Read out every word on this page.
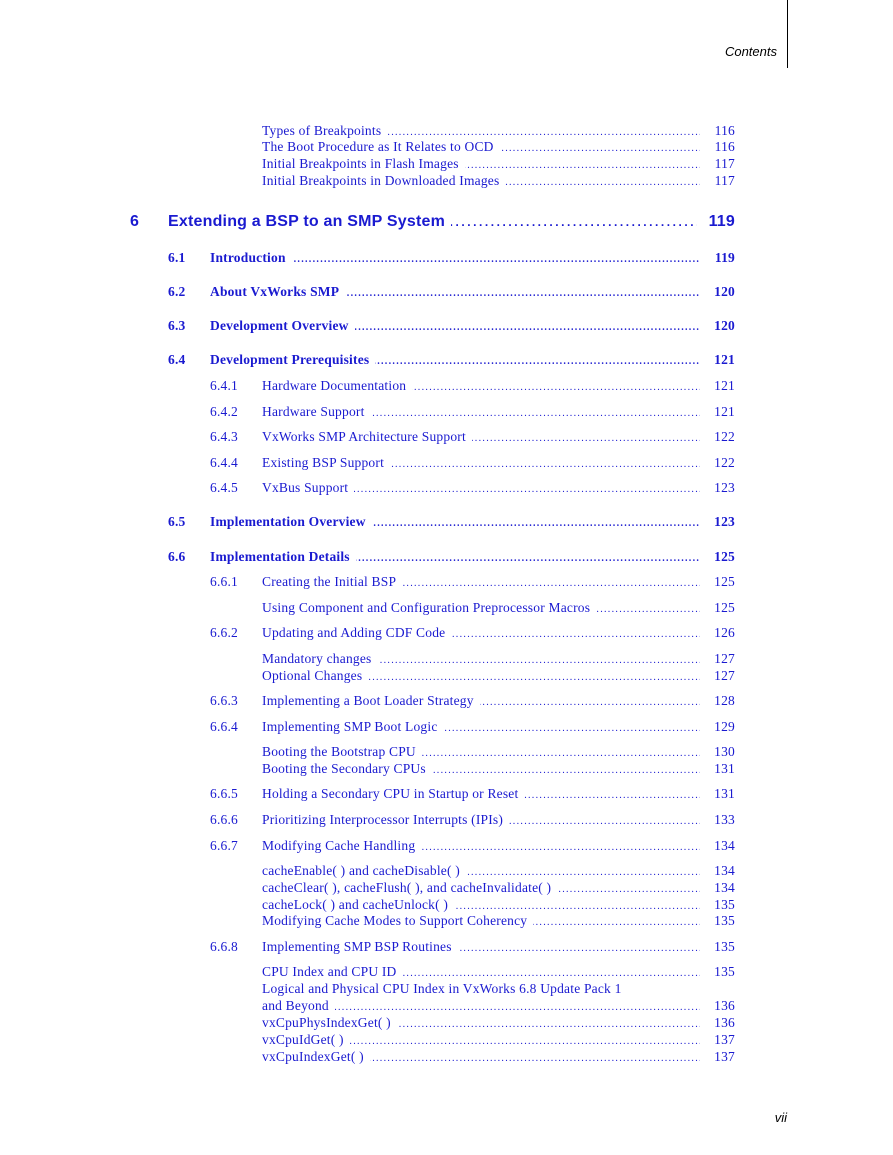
Contents
Types of Breakpoints . . .	116
The Boot Procedure as It Relates to OCD . . .	116
Initial Breakpoints in Flash Images . . .	117
Initial Breakpoints in Downloaded Images . . .	117
6 Extending a BSP to an SMP System . . .	119
6.1 Introduction . . .	119
6.2 About VxWorks SMP . . .	120
6.3 Development Overview . . .	120
6.4 Development Prerequisites . . .	121
6.4.1 Hardware Documentation . . .	121
6.4.2 Hardware Support . . .	121
6.4.3 VxWorks SMP Architecture Support . . .	122
6.4.4 Existing BSP Support . . .	122
6.4.5 VxBus Support . . .	123
6.5 Implementation Overview . . .	123
6.6 Implementation Details . . .	125
6.6.1 Creating the Initial BSP . . .	125
Using Component and Configuration Preprocessor Macros . . .	125
6.6.2 Updating and Adding CDF Code . . .	126
Mandatory changes . . .	127
Optional Changes . . .	127
6.6.3 Implementing a Boot Loader Strategy . . .	128
6.6.4 Implementing SMP Boot Logic . . .	129
Booting the Bootstrap CPU . . .	130
Booting the Secondary CPUs . . .	131
6.6.5 Holding a Secondary CPU in Startup or Reset . . .	131
6.6.6 Prioritizing Interprocessor Interrupts (IPIs) . . .	133
6.6.7 Modifying Cache Handling . . .	134
cacheEnable( ) and cacheDisable( ) . . .	134
cacheClear( ), cacheFlush( ), and cacheInvalidate( ) . . .	134
cacheLock( ) and cacheUnlock( ) . . .	135
Modifying Cache Modes to Support Coherency . . .	135
6.6.8 Implementing SMP BSP Routines . . .	135
CPU Index and CPU ID . . .	135
Logical and Physical CPU Index in VxWorks 6.8 Update Pack 1
and Beyond . . .	136
vxCpuPhysIndexGet( ) . . .	136
vxCpuIdGet( ) . . .	137
vxCpuIndexGet( ) . . .	137
vii
